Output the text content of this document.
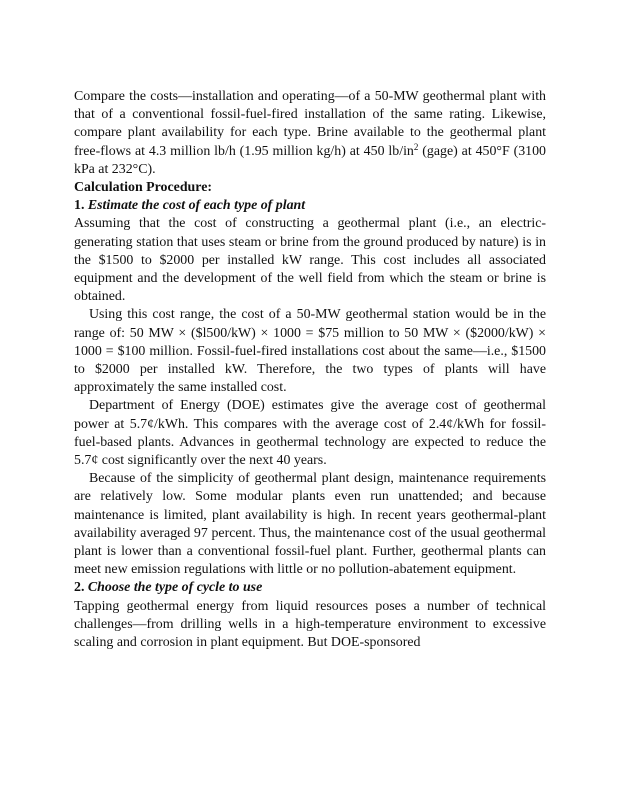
Compare the costs—installation and operating—of a 50-MW geothermal plant with that of a conventional fossil-fuel-fired installation of the same rating. Likewise, compare plant availability for each type. Brine available to the geothermal plant free-flows at 4.3 million lb/h (1.95 million kg/h) at 450 $lb/in^2$ (gage) at 450°F (3100 kPa at 232°C).

Calculation Procedure:

1. Estimate the cost of each type of plant

Assuming that the cost of constructing a geothermal plant (i.e., an electric-generating station that uses steam or brine from the ground produced by nature) is in the $1500 to $2000 per installed kW range. This cost includes all associated equipment and the development of the well field from which the steam or brine is obtained.

Using this cost range, the cost of a 50-MW geothermal station would be in the range of: 50 MW × ($l500/kW) × 1000 = $75 million to 50 MW × ($2000/kW) × 1000 = $100 million. Fossil-fuel-fired installations cost about the same—i.e., $1500 to $2000 per installed kW. Therefore, the two types of plants will have approximately the same installed cost.

Department of Energy (DOE) estimates give the average cost of geothermal power at 5.7¢/kWh. This compares with the average cost of 2.4¢/kWh for fossil-fuel-based plants. Advances in geothermal technology are expected to reduce the 5.7¢ cost significantly over the next 40 years.

Because of the simplicity of geothermal plant design, maintenance requirements are relatively low. Some modular plants even run unattended; and because maintenance is limited, plant availability is high. In recent years geothermal-plant availability averaged 97 percent. Thus, the maintenance cost of the usual geothermal plant is lower than a conventional fossil-fuel plant. Further, geothermal plants can meet new emission regulations with little or no pollution-abatement equipment.

2. Choose the type of cycle to use

Tapping geothermal energy from liquid resources poses a number of technical challenges—from drilling wells in a high-temperature environment to excessive scaling and corrosion in plant equipment. But DOE-sponsored
